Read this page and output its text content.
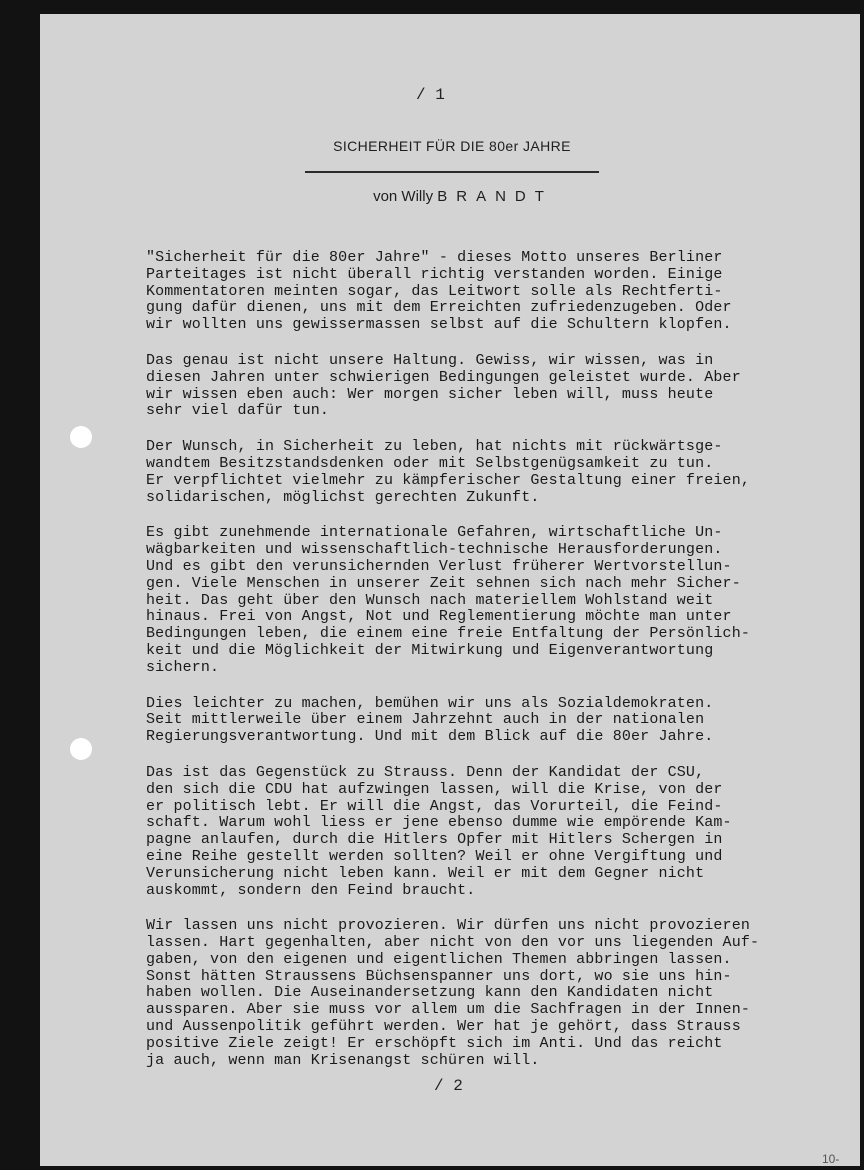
/ 1
SICHERHEIT FÜR DIE 80er JAHRE
von Willy BRANDT
"Sicherheit für die 80er Jahre" - dieses Motto unseres Berliner
Parteitages ist nicht überall richtig verstanden worden. Einige
Kommentatoren meinten sogar, das Leitwort solle als Rechtferti-
gung dafür dienen, uns mit dem Erreichten zufriedenzugeben. Oder
wir wollten uns gewissermassen selbst auf die Schultern klopfen.
Das genau ist nicht unsere Haltung. Gewiss, wir wissen, was in
diesen Jahren unter schwierigen Bedingungen geleistet wurde. Aber
wir wissen eben auch: Wer morgen sicher leben will, muss heute
sehr viel dafür tun.
Der Wunsch, in Sicherheit zu leben, hat nichts mit rückwärtsge-
wandtem Besitzstandsdenken oder mit Selbstgenügsamkeit zu tun.
Er verpflichtet vielmehr zu kämpferischer Gestaltung einer freien,
solidarischen, möglichst gerechten Zukunft.
Es gibt zunehmende internationale Gefahren, wirtschaftliche Un-
wägbarkeiten und wissenschaftlich-technische Herausforderungen.
Und es gibt den verunsichernden Verlust früherer Wertvorstellun-
gen. Viele Menschen in unserer Zeit sehnen sich nach mehr Sicher-
heit. Das geht über den Wunsch nach materiellem Wohlstand weit
hinaus. Frei von Angst, Not und Reglementierung möchte man unter
Bedingungen leben, die einem eine freie Entfaltung der Persönlich-
keit und die Möglichkeit der Mitwirkung und Eigenverantwortung
sichern.
Dies leichter zu machen, bemühen wir uns als Sozialdemokraten.
Seit mittlerweile über einem Jahrzehnt auch in der nationalen
Regierungsverantwortung. Und mit dem Blick auf die 80er Jahre.
Das ist das Gegenstück zu Strauss. Denn der Kandidat der CSU,
den sich die CDU hat aufzwingen lassen, will die Krise, von der
er politisch lebt. Er will die Angst, das Vorurteil, die Feind-
schaft. Warum wohl liess er jene ebenso dumme wie empörende Kam-
pagne anlaufen, durch die Hitlers Opfer mit Hitlers Schergen in
eine Reihe gestellt werden sollten? Weil er ohne Vergiftung und
Verunsicherung nicht leben kann. Weil er mit dem Gegner nicht
auskommt, sondern den Feind braucht.
Wir lassen uns nicht provozieren. Wir dürfen uns nicht provozieren
lassen. Hart gegenhalten, aber nicht von den vor uns liegenden Auf-
gaben, von den eigenen und eigentlichen Themen abbringen lassen.
Sonst hätten Straussens Büchsenspanner uns dort, wo sie uns hin-
haben wollen. Die Auseinandersetzung kann den Kandidaten nicht
aussparen. Aber sie muss vor allem um die Sachfragen in der Innen-
und Aussenpolitik geführt werden. Wer hat je gehört, dass Strauss
positive Ziele zeigt! Er erschöpft sich im Anti. Und das reicht
ja auch, wenn man Krisenangst schüren will.
/ 2
10-
